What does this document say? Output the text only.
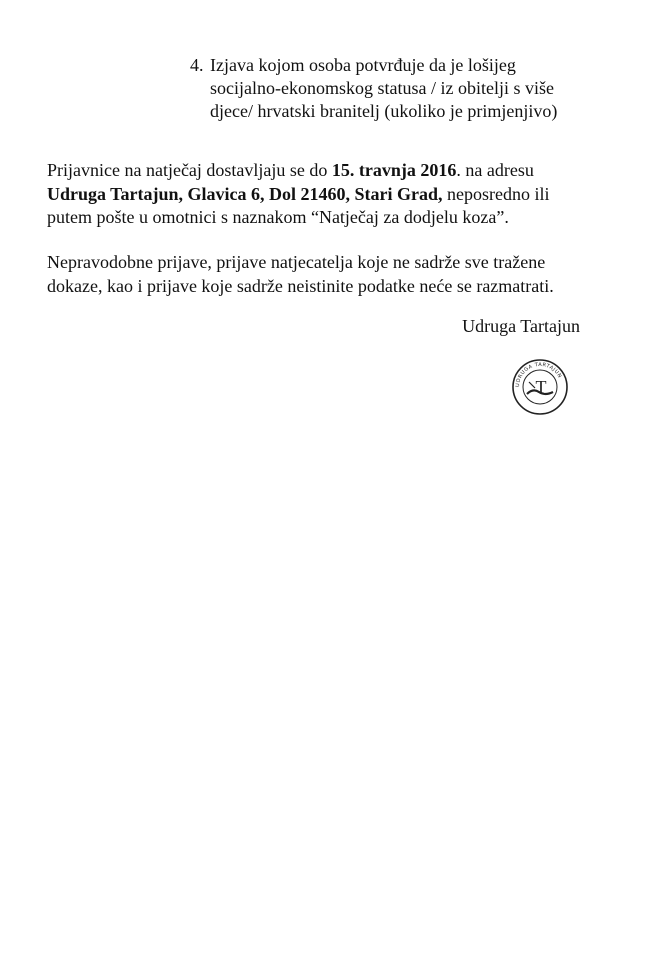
4. Izjava kojom osoba potvrđuje da je lošijeg
socijalno-ekonomskog statusa / iz obitelji s više
djece/ hrvatski branitelj (ukoliko je primjenjivo)
Prijavnice na natječaj dostavljaju se do 15. travnja 2016. na adresu
Udruga Tartajun, Glavica 6, Dol 21460, Stari Grad, neposredno ili
putem pošte u omotnici s naznakom “Natječaj za dodjelu koza”.
Nepravodobne prijave, prijave natjecatelja koje ne sadrže sve tražene
dokaze, kao i prijave koje sadrže neistinite podatke neće se razmatrati.
Udruga Tartajun
UDRUGA TARTAJUN
T
